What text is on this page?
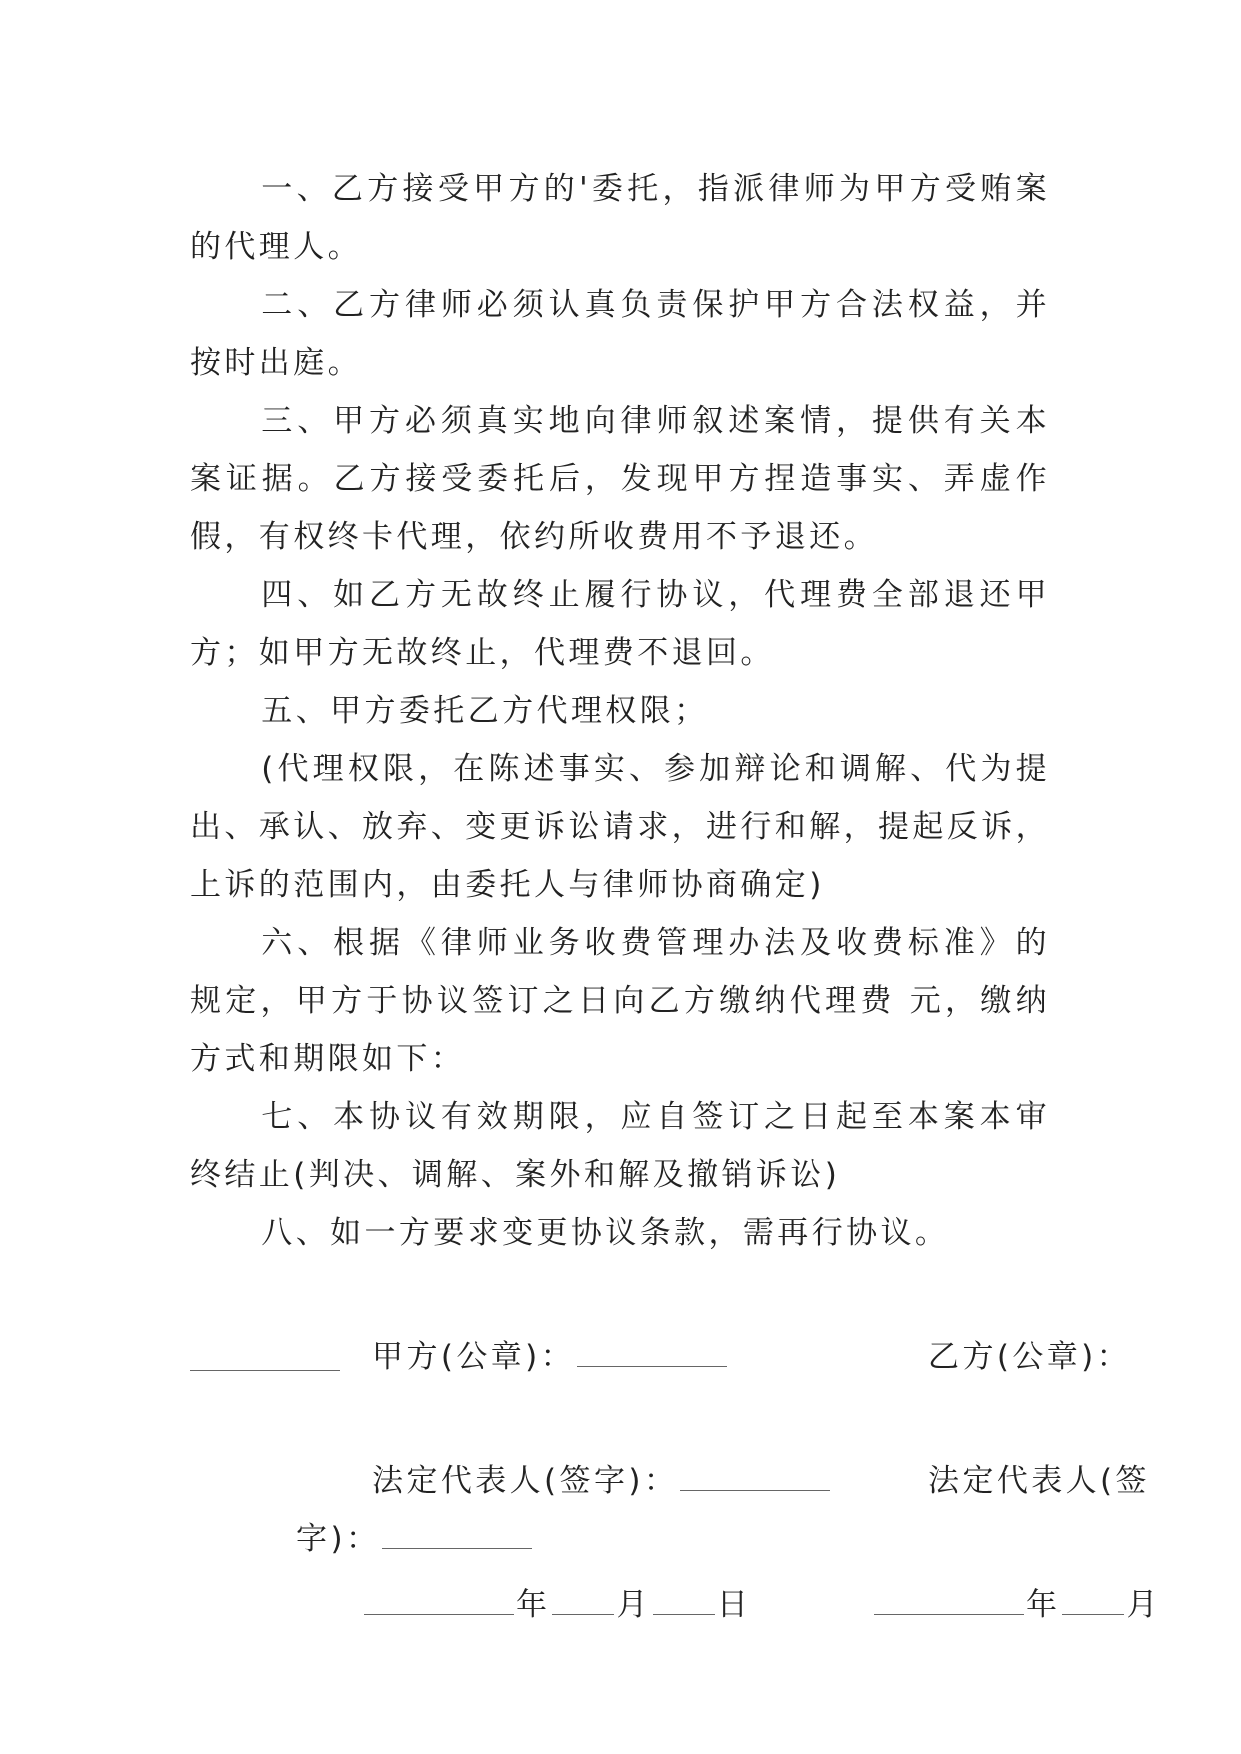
一、乙方接受甲方的'委托，指派律师为甲方受贿案的代理人。

二、乙方律师必须认真负责保护甲方合法权益，并按时出庭。

三、甲方必须真实地向律师叙述案情，提供有关本案证据。乙方接受委托后，发现甲方捏造事实、弄虚作假，有权终卡代理，依约所收费用不予退还。

四、如乙方无故终止履行协议，代理费全部退还甲方；如甲方无故终止，代理费不退回。

五、甲方委托乙方代理权限；

(代理权限，在陈述事实、参加辩论和调解、代为提出、承认、放弃、变更诉讼请求，进行和解，提起反诉，上诉的范围内，由委托人与律师协商确定)

六、根据《律师业务收费管理办法及收费标准》的规定，甲方于协议签订之日向乙方缴纳代理费 元，缴纳方式和期限如下：

七、本协议有效期限，应自签订之日起至本案本审终结止(判决、调解、案外和解及撤销诉讼)

八、如一方要求变更协议条款，需再行协议。

甲方(公章)：

	乙方(公章)：

法定代表人(签字)：

	法定代表人(签

字)：

年 月 日

	年 月
